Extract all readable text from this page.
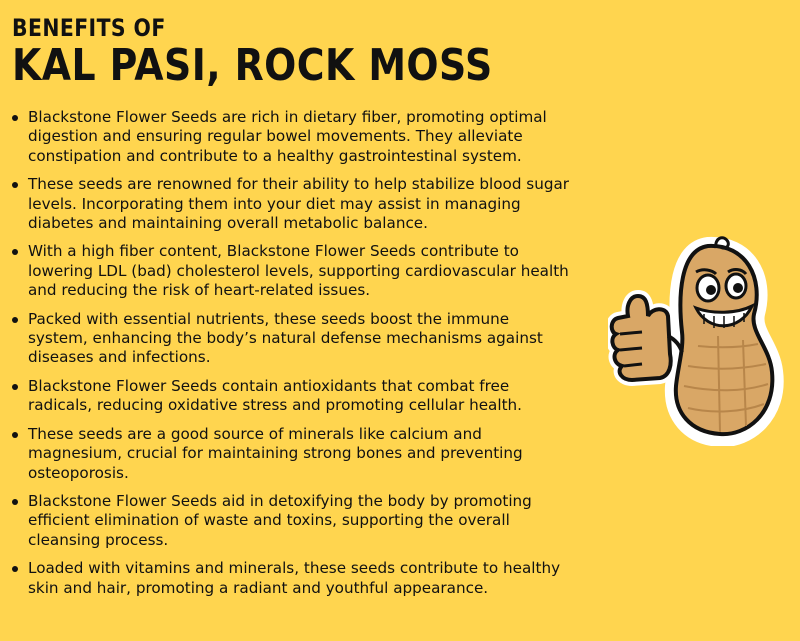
BENEFITS OF
KAL PASI, ROCK MOSS
Blackstone Flower Seeds are rich in dietary fiber, promoting optimal digestion and ensuring regular bowel movements. They alleviate constipation and contribute to a healthy gastrointestinal system.
These seeds are renowned for their ability to help stabilize blood sugar levels. Incorporating them into your diet may assist in managing diabetes and maintaining overall metabolic balance.
With a high fiber content, Blackstone Flower Seeds contribute to lowering LDL (bad) cholesterol levels, supporting cardiovascular health and reducing the risk of heart-related issues.
Packed with essential nutrients, these seeds boost the immune system, enhancing the body’s natural defense mechanisms against diseases and infections.
Blackstone Flower Seeds contain antioxidants that combat free radicals, reducing oxidative stress and promoting cellular health.
These seeds are a good source of minerals like calcium and magnesium, crucial for maintaining strong bones and preventing osteoporosis.
Blackstone Flower Seeds aid in detoxifying the body by promoting efficient elimination of waste and toxins, supporting the overall cleansing process.
Loaded with vitamins and minerals, these seeds contribute to healthy skin and hair, promoting a radiant and youthful appearance.
